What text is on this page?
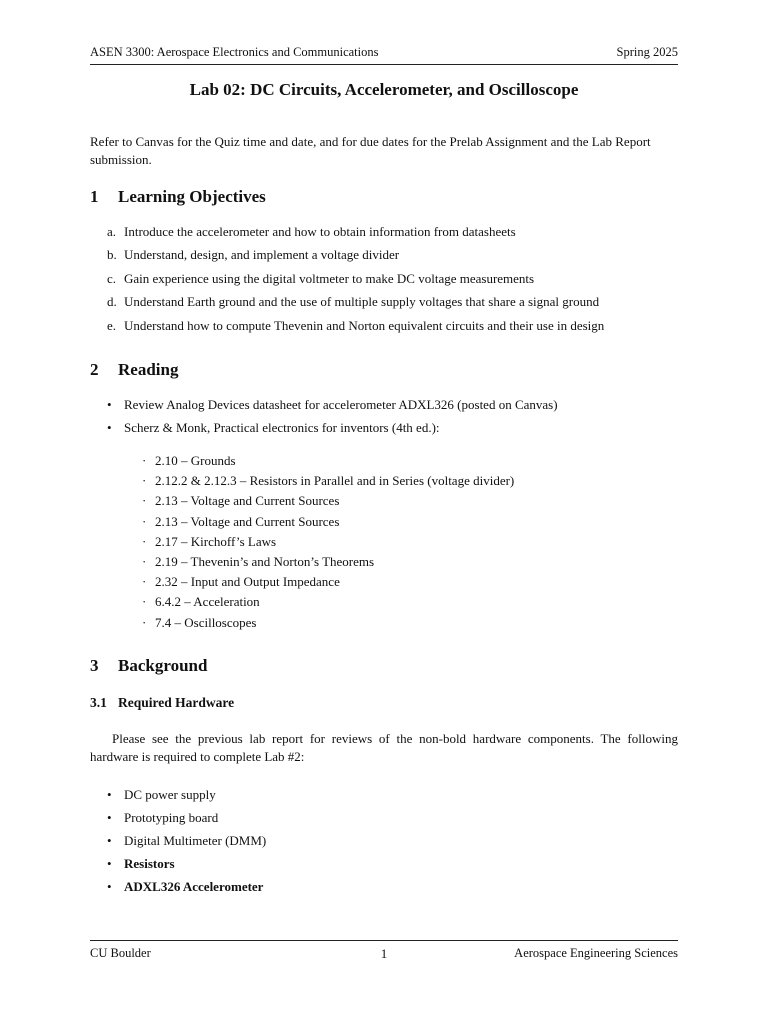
ASEN 3300: Aerospace Electronics and Communications	Spring 2025
Lab 02: DC Circuits, Accelerometer, and Oscilloscope
Refer to Canvas for the Quiz time and date, and for due dates for the Prelab Assignment and the Lab Report submission.
1 Learning Objectives
a. Introduce the accelerometer and how to obtain information from datasheets
b. Understand, design, and implement a voltage divider
c. Gain experience using the digital voltmeter to make DC voltage measurements
d. Understand Earth ground and the use of multiple supply voltages that share a signal ground
e. Understand how to compute Thevenin and Norton equivalent circuits and their use in design
2 Reading
• Review Analog Devices datasheet for accelerometer ADXL326 (posted on Canvas)
• Scherz & Monk, Practical electronics for inventors (4th ed.):
· 2.10 – Grounds
· 2.12.2 & 2.12.3 – Resistors in Parallel and in Series (voltage divider)
· 2.13 – Voltage and Current Sources
· 2.13 – Voltage and Current Sources
· 2.17 – Kirchoff’s Laws
· 2.19 – Thevenin’s and Norton’s Theorems
· 2.32 – Input and Output Impedance
· 6.4.2 – Acceleration
· 7.4 – Oscilloscopes
3 Background
3.1 Required Hardware
Please see the previous lab report for reviews of the non-bold hardware components. The following hardware is required to complete Lab #2:
• DC power supply
• Prototyping board
• Digital Multimeter (DMM)
• Resistors
• ADXL326 Accelerometer
CU Boulder	1	Aerospace Engineering Sciences
